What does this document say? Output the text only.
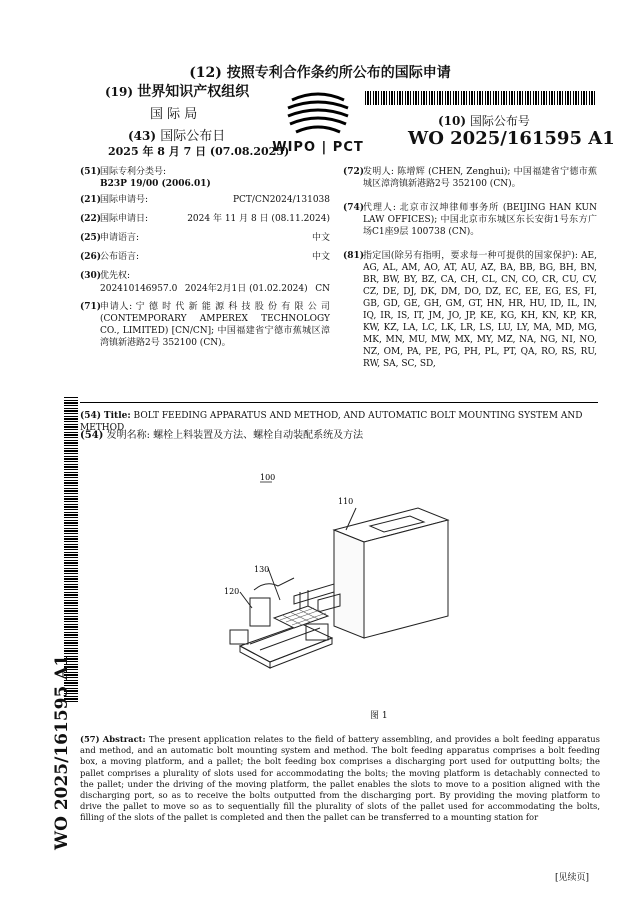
(12) 按照专利合作条约所公布的国际申请
(19) 世界知识产权组织
国 际 局
(43) 国际公布日
2025 年 8 月 7 日 (07.08.2025)
WIPO | PCT
(10) 国际公布号
WO 2025/161595 A1
(51)国际专利分类号:
B23P 19/00 (2006.01)
(21)国际申请号:	PCT/CN2024/131038
(22)国际申请日:	2024 年 11 月 8 日 (08.11.2024)
(25)申请语言:	中文
(26)公布语言:	中文
(30)优先权:
202410146957.0 2024年2月1日 (01.02.2024) CN
(71)
申请人: 宁 德 时 代 新 能 源 科 技 股 份 有 限 公 司 (CONTEMPORARY AMPEREX TECHNOLOGY CO., LIMITED) [CN/CN]; 中国福建省宁德市蕉城区漳湾镇新港路2号 352100 (CN)。
(72)
发明人: 陈增辉 (CHEN, Zenghui); 中国福建省宁德市蕉城区漳湾镇新港路2号 352100 (CN)。
(74)
代理人: 北京市汉坤律师事务所 (BEIJING HAN KUN LAW OFFICES); 中国北京市东城区东长安街1号东方广场C1座9层 100738 (CN)。
(81)
指定国(除另有指明，要求每一种可提供的国家保护): AE, AG, AL, AM, AO, AT, AU, AZ, BA, BB, BG, BH, BN, BR, BW, BY, BZ, CA, CH, CL, CN, CO, CR, CU, CV, CZ, DE, DJ, DK, DM, DO, DZ, EC, EE, EG, ES, FI, GB, GD, GE, GH, GM, GT, HN, HR, HU, ID, IL, IN, IQ, IR, IS, IT, JM, JO, JP, KE, KG, KH, KN, KP, KR, KW, KZ, LA, LC, LK, LR, LS, LU, LY, MA, MD, MG, MK, MN, MU, MW, MX, MY, MZ, NA, NG, NI, NO, NZ, OM, PA, PE, PG, PH, PL, PT, QA, RO, RS, RU, RW, SA, SC, SD,
WO 2025/161595 A1
(54) Title: BOLT FEEDING APPARATUS AND METHOD, AND AUTOMATIC BOLT MOUNTING SYSTEM AND METHOD
(54) 发明名称: 螺栓上料装置及方法、螺栓自动装配系统及方法
100
110
130
120
图 1
(57) Abstract: The present application relates to the field of battery assembling, and provides a bolt feeding apparatus and method, and an automatic bolt mounting system and method. The bolt feeding apparatus comprises a bolt feeding box, a moving platform, and a pallet; the bolt feeding box comprises a discharging port used for outputting bolts; the pallet comprises a plurality of slots used for accommodating the bolts; the moving platform is detachably connected to the pallet; under the driving of the moving platform, the pallet enables the slots to move to a position aligned with the discharging port, so as to receive the bolts outputted from the discharging port. By providing the moving platform to drive the pallet to move so as to sequentially fill the plurality of slots of the pallet used for accommodating the bolts, filling of the slots of the pallet is completed and then the pallet can be transferred to a mounting station for
[见续页]
